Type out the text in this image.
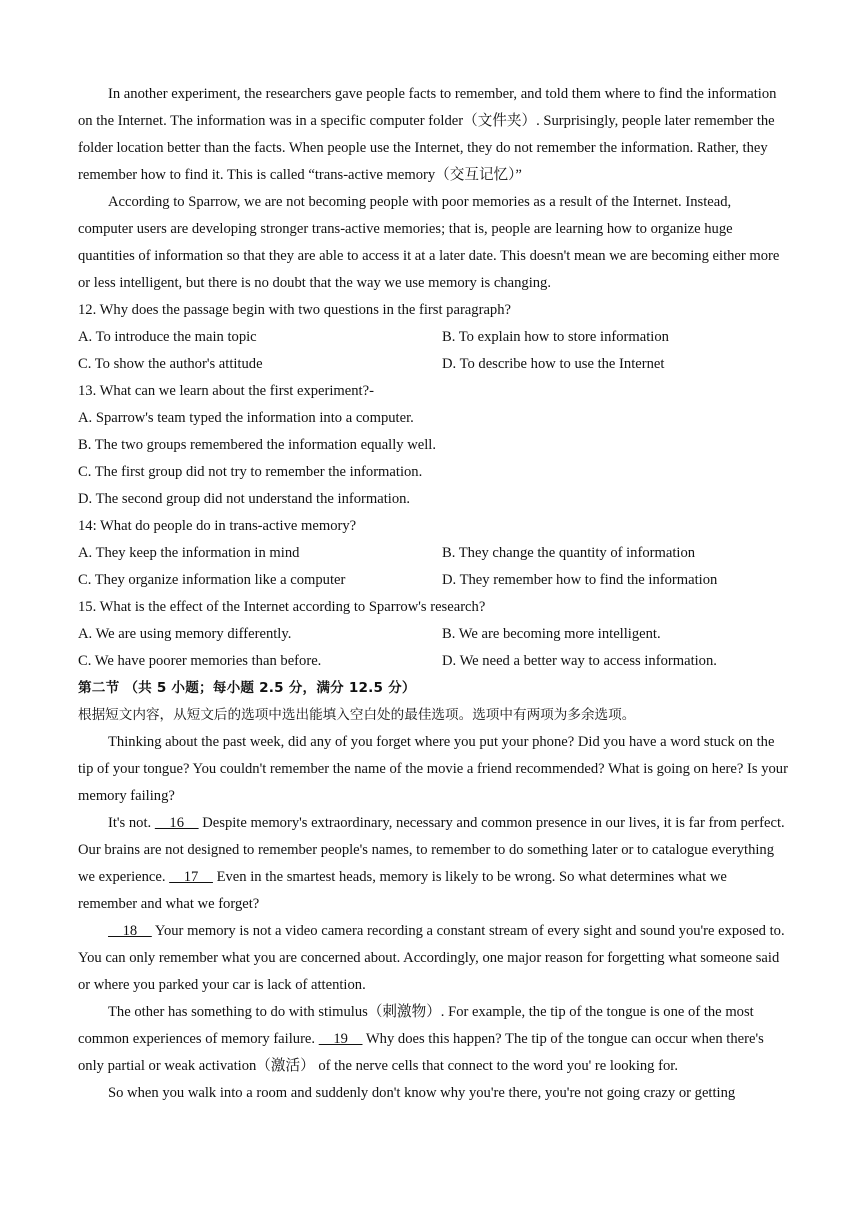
In another experiment, the researchers gave people facts to remember, and told them where to find the information on the Internet. The information was in a specific computer folder（文件夹）. Surprisingly, people later remember the folder location better than the facts. When people use the Internet, they do not remember the information. Rather, they remember how to find it. This is called “trans-active memory（交互记忆）”

According to Sparrow, we are not becoming people with poor memories as a result of the Internet. Instead, computer users are developing stronger trans-active memories; that is, people are learning how to organize huge quantities of information so that they are able to access it at a later date. This doesn't mean we are becoming either more or less intelligent, but there is no doubt that the way we use memory is changing.

12. Why does the passage begin with two questions in the first paragraph?

A. To introduce the main topic	B. To explain how to store information
C. To show the author's attitude	D. To describe how to use the Internet

13. What can we learn about the first experiment?-

A. Sparrow's team typed the information into a computer.

B. The two groups remembered the information equally well.

C. The first group did not try to remember the information.

D. The second group did not understand the information.

14: What do people do in trans-active memory?

A. They keep the information in mind	B. They change the quantity of information
C. They organize information like a computer	D. They remember how to find the information

15. What is the effect of the Internet according to Sparrow's research?

A. We are using memory differently.	B. We are becoming more intelligent.
C. We have poorer memories than before.	D. We need a better way to access information.

第二节 （共 5 小题；每小题 2.5 分，满分 12.5 分）

根据短文内容，从短文后的选项中选出能填入空白处的最佳选项。选项中有两项为多余选项。

Thinking about the past week, did any of you forget where you put your phone? Did you have a word stuck on the tip of your tongue? You couldn't remember the name of the movie a friend recommended? What is going on here? Is your memory failing?

It's not.     16     Despite memory's extraordinary, necessary and common presence in our lives, it is far from perfect. Our brains are not designed to remember people's names, to remember to do something later or to catalogue everything we experience.     17     Even in the smartest heads, memory is likely to be wrong. So what determines what we remember and what we forget?

18     Your memory is not a video camera recording a constant stream of every sight and sound you're exposed to. You can only remember what you are concerned about. Accordingly, one major reason for forgetting what someone said or where you parked your car is lack of attention.

The other has something to do with stimulus（刺激物）. For example, the tip of the tongue is one of the most common experiences of memory failure.     19     Why does this happen? The tip of the tongue can occur when there's only partial or weak activation（激活） of the nerve cells that connect to the word you' re looking for.

So when you walk into a room and suddenly don't know why you're there, you're not going crazy or getting
